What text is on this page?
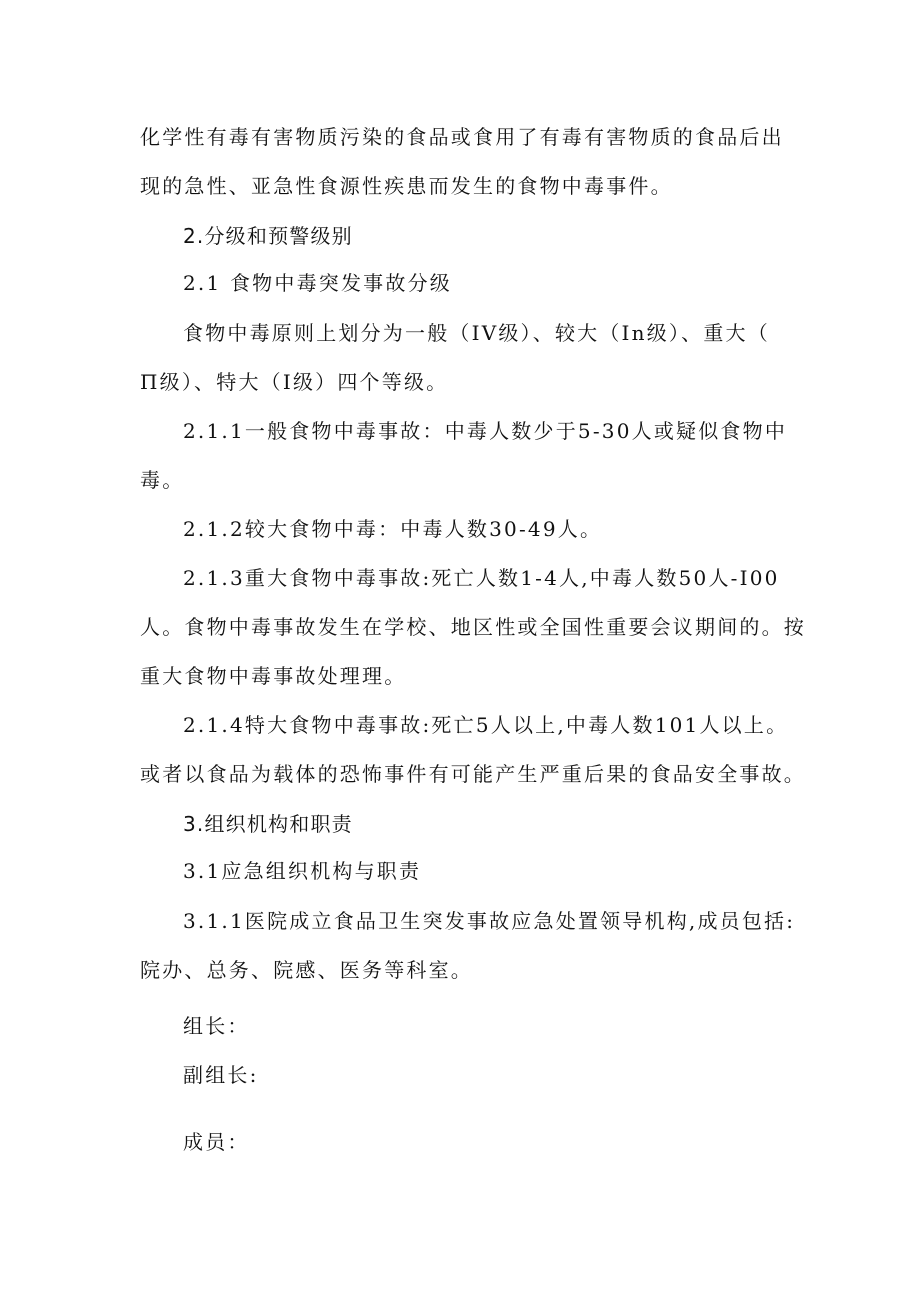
化学性有毒有害物质污染的食品或食用了有毒有害物质的食品后出
现的急性、亚急性食源性疾患而发生的食物中毒事件。
2.分级和预警级别
2.1 食物中毒突发事故分级
食物中毒原则上划分为一般（IV级）、较大（In级）、重大（
Π级）、特大（I级）四个等级。
2.1.1一般食物中毒事故：中毒人数少于5-30人或疑似食物中
毒。
2.1.2较大食物中毒：中毒人数30-49人。
2.1.3重大食物中毒事故:死亡人数1-4人,中毒人数50人-I00
人。食物中毒事故发生在学校、地区性或全国性重要会议期间的。按
重大食物中毒事故处理理。
2.1.4特大食物中毒事故:死亡5人以上,中毒人数101人以上。
或者以食品为载体的恐怖事件有可能产生严重后果的食品安全事故。
3.组织机构和职责
3.1应急组织机构与职责
3.1.1医院成立食品卫生突发事故应急处置领导机构,成员包括:
院办、总务、院感、医务等科室。
组长：
副组长:
成员：
